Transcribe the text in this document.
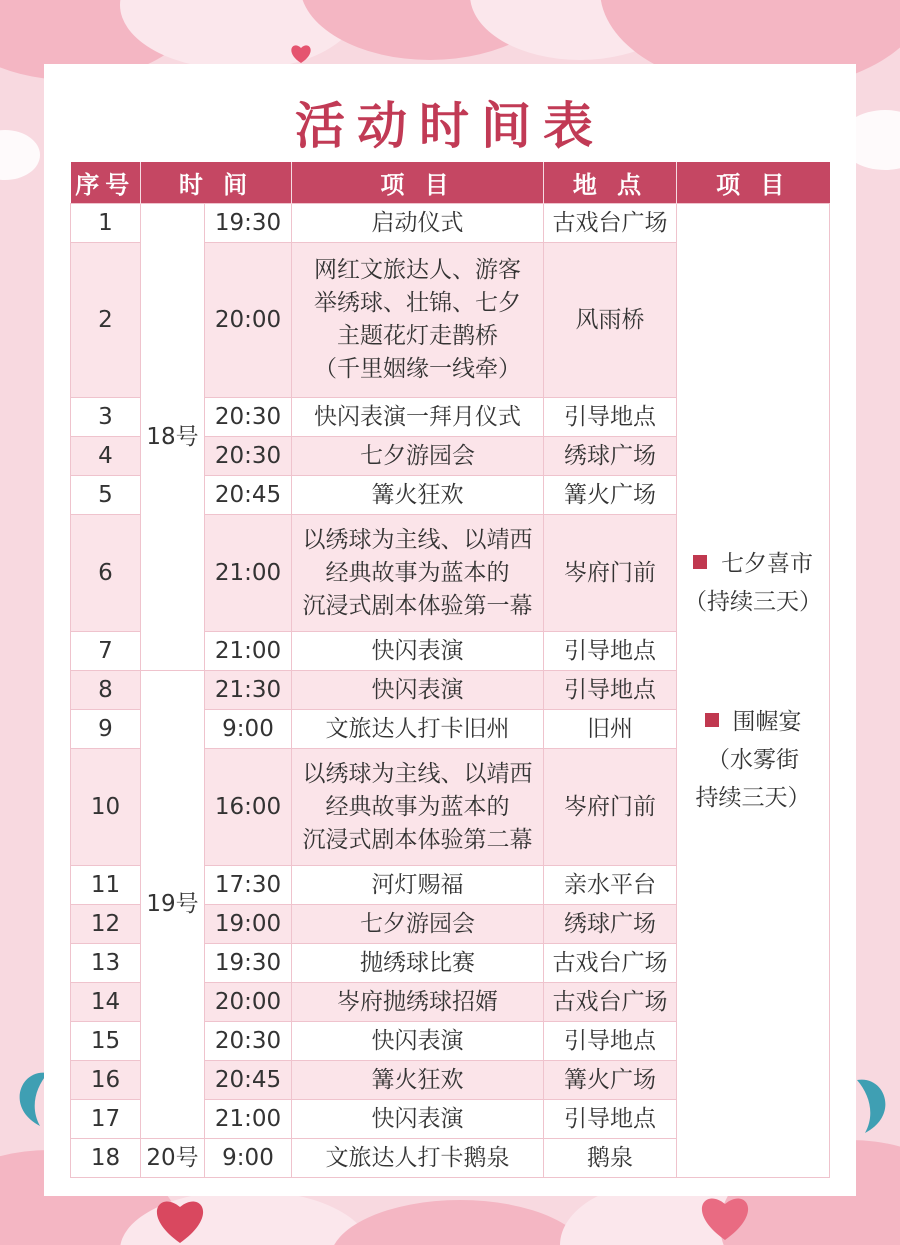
活动时间表
序号	时 间		项 目	地 点	项 目
1	18号	19:30	启动仪式	古戏台广场	七夕喜市
（持续三天）
围幄宴
（水雾街
持续三天）

2		20:00	网红文旅达人、游客
举绣球、壮锦、七夕
主题花灯走鹊桥
（千里姻缘一线牵）	风雨桥	
3		20:30	快闪表演一拜月仪式	引导地点	
4		20:30	七夕游园会	绣球广场	
5		20:45	篝火狂欢	篝火广场	
6		21:00	以绣球为主线、以靖西
经典故事为蓝本的
沉浸式剧本体验第一幕	岑府门前	
7		21:00	快闪表演	引导地点	
8	19号	21:30	快闪表演	引导地点	
9		9:00	文旅达人打卡旧州	旧州	
10		16:00	以绣球为主线、以靖西
经典故事为蓝本的
沉浸式剧本体验第二幕	岑府门前	
11		17:30	河灯赐福	亲水平台	
12		19:00	七夕游园会	绣球广场	
13		19:30	抛绣球比赛	古戏台广场	
14		20:00	岑府抛绣球招婿	古戏台广场	
15		20:30	快闪表演	引导地点	
16		20:45	篝火狂欢	篝火广场	
17		21:00	快闪表演	引导地点	
18	20号	9:00	文旅达人打卡鹅泉	鹅泉	
